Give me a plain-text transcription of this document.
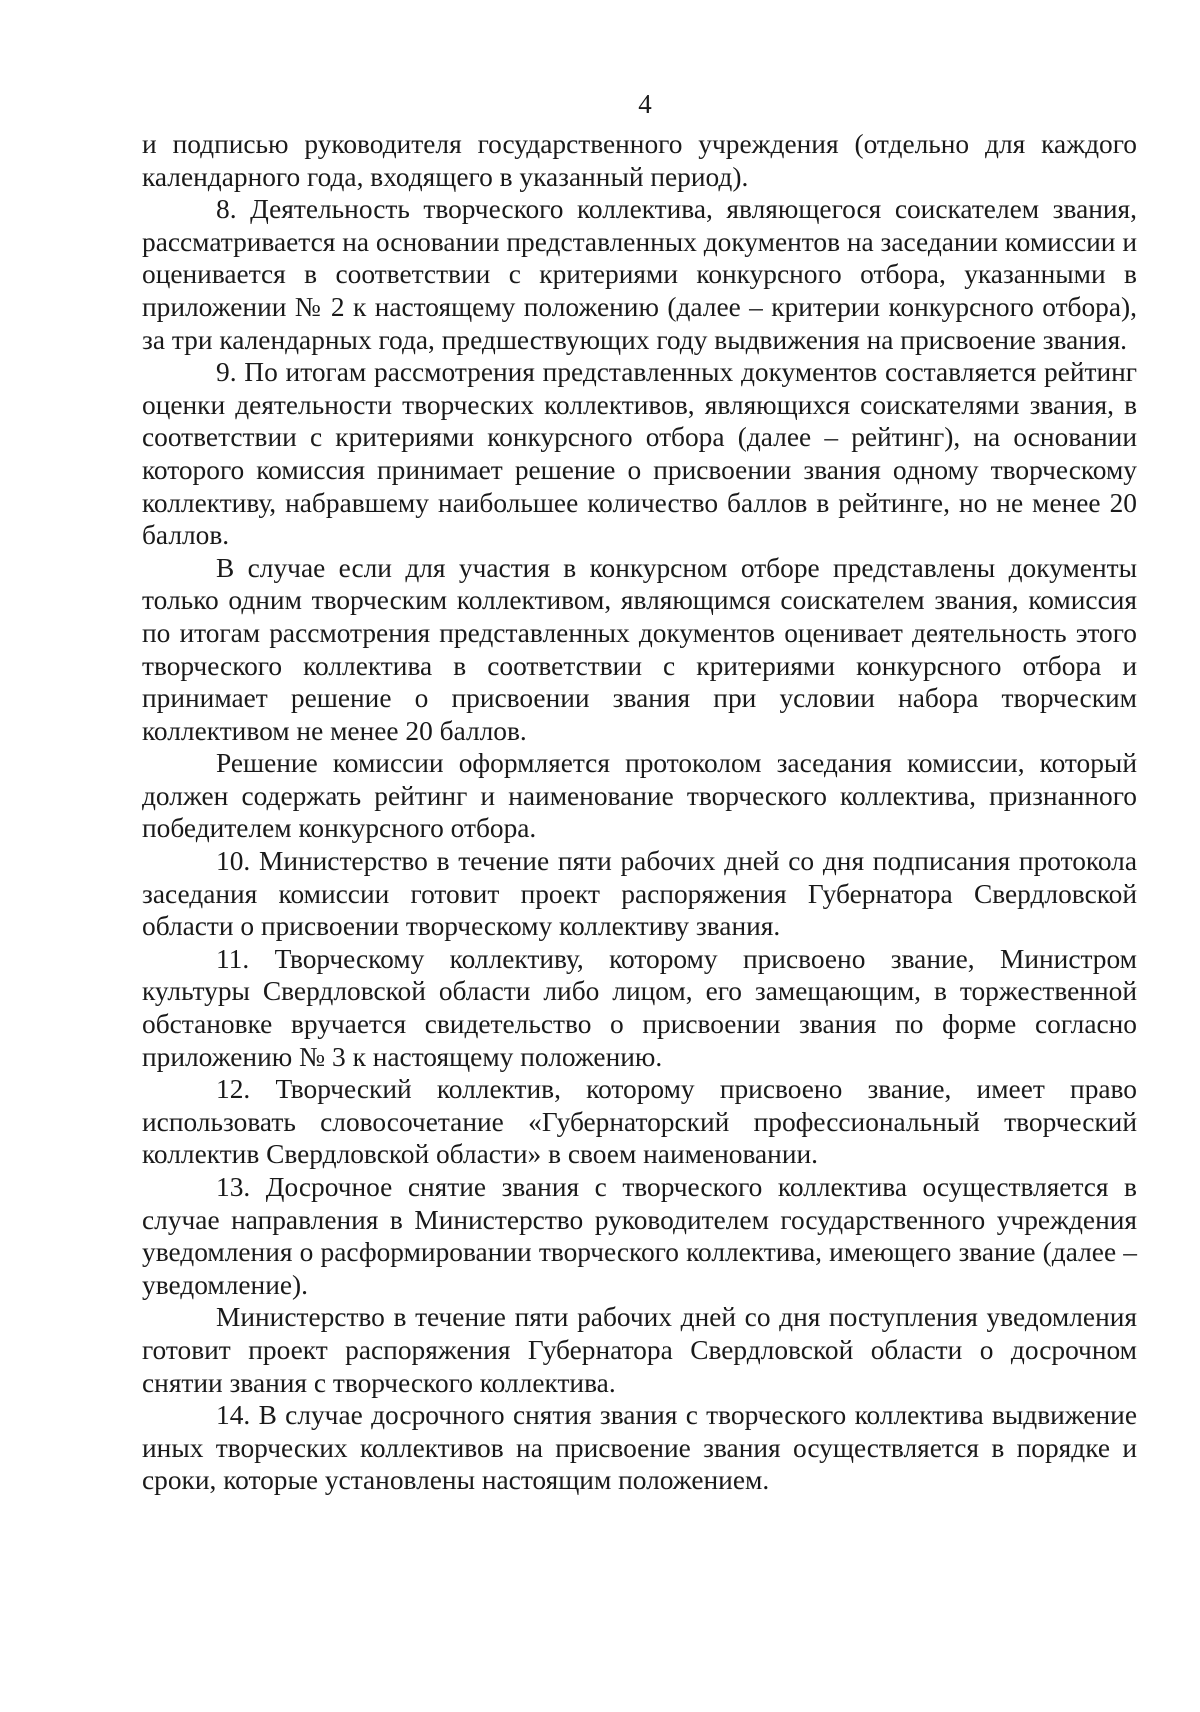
4

и подписью руководителя государственного учреждения (отдельно для каждого календарного года, входящего в указанный период).

8. Деятельность творческого коллектива, являющегося соискателем звания, рассматривается на основании представленных документов на заседании комиссии и оценивается в соответствии с критериями конкурсного отбора, указанными в приложении № 2 к настоящему положению (далее – критерии конкурсного отбора), за три календарных года, предшествующих году выдвижения на присвоение звания.

9. По итогам рассмотрения представленных документов составляется рейтинг оценки деятельности творческих коллективов, являющихся соискателями звания, в соответствии с критериями конкурсного отбора (далее – рейтинг), на основании которого комиссия принимает решение о присвоении звания одному творческому коллективу, набравшему наибольшее количество баллов в рейтинге, но не менее 20 баллов.

В случае если для участия в конкурсном отборе представлены документы только одним творческим коллективом, являющимся соискателем звания, комиссия по итогам рассмотрения представленных документов оценивает деятельность этого творческого коллектива в соответствии с критериями конкурсного отбора и принимает решение о присвоении звания при условии набора творческим коллективом не менее 20 баллов.

Решение комиссии оформляется протоколом заседания комиссии, который должен содержать рейтинг и наименование творческого коллектива, признанного победителем конкурсного отбора.

10. Министерство в течение пяти рабочих дней со дня подписания протокола заседания комиссии готовит проект распоряжения Губернатора Свердловской области о присвоении творческому коллективу звания.

11. Творческому коллективу, которому присвоено звание, Министром культуры Свердловской области либо лицом, его замещающим, в торжественной обстановке вручается свидетельство о присвоении звания по форме согласно приложению № 3 к настоящему положению.

12. Творческий коллектив, которому присвоено звание, имеет право использовать словосочетание «Губернаторский профессиональный творческий коллектив Свердловской области» в своем наименовании.

13. Досрочное снятие звания с творческого коллектива осуществляется в случае направления в Министерство руководителем государственного учреждения уведомления о расформировании творческого коллектива, имеющего звание (далее – уведомление).

Министерство в течение пяти рабочих дней со дня поступления уведомления готовит проект распоряжения Губернатора Свердловской области о досрочном снятии звания с творческого коллектива.

14. В случае досрочного снятия звания с творческого коллектива выдвижение иных творческих коллективов на присвоение звания осуществляется в порядке и сроки, которые установлены настоящим положением.
